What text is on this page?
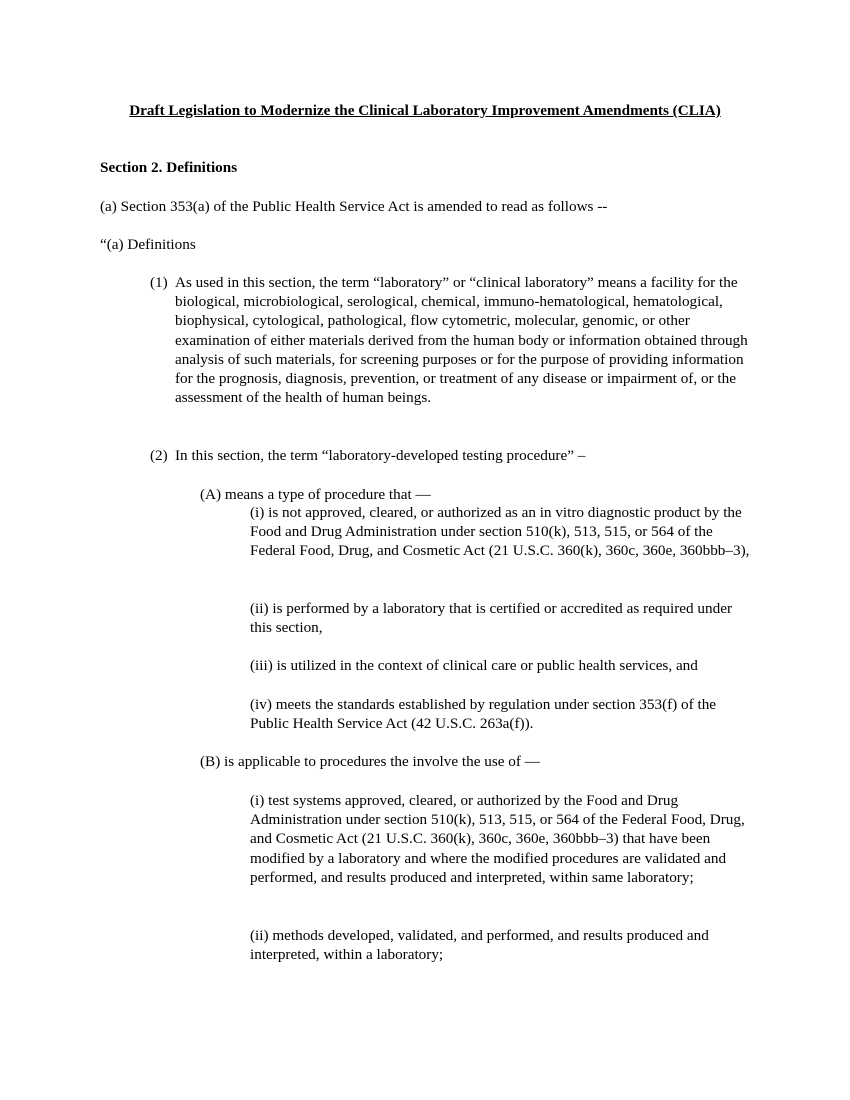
Draft Legislation to Modernize the Clinical Laboratory Improvement Amendments (CLIA)

Section 2. Definitions

(a) Section 353(a) of the Public Health Service Act is amended to read as follows --

“(a) Definitions

(1) As used in this section, the term “laboratory” or “clinical laboratory” means a facility for the biological, microbiological, serological, chemical, immuno-hematological, hematological, biophysical, cytological, pathological, flow cytometric, molecular, genomic, or other examination of either materials derived from the human body or information obtained through analysis of such materials, for screening purposes or for the purpose of providing information for the prognosis, diagnosis, prevention, or treatment of any disease or impairment of, or the assessment of the health of human beings.
(2) In this section, the term “laboratory-developed testing procedure” –

(A) means a type of procedure that —

(i) is not approved, cleared, or authorized as an in vitro diagnostic product by the Food and Drug Administration under section 510(k), 513, 515, or 564 of the Federal Food, Drug, and Cosmetic Act (21 U.S.C. 360(k), 360c, 360e, 360bbb–3),

(ii) is performed by a laboratory that is certified or accredited as required under this section,

(iii) is utilized in the context of clinical care or public health services, and

(iv) meets the standards established by regulation under section 353(f) of the Public Health Service Act (42 U.S.C. 263a(f)).

(B) is applicable to procedures the involve the use of —

(i) test systems approved, cleared, or authorized by the Food and Drug Administration under section 510(k), 513, 515, or 564 of the Federal Food, Drug, and Cosmetic Act (21 U.S.C. 360(k), 360c, 360e, 360bbb–3) that have been modified by a laboratory and where the modified procedures are validated and performed, and results produced and interpreted, within same laboratory;

(ii) methods developed, validated, and performed, and results produced and interpreted, within a laboratory;
